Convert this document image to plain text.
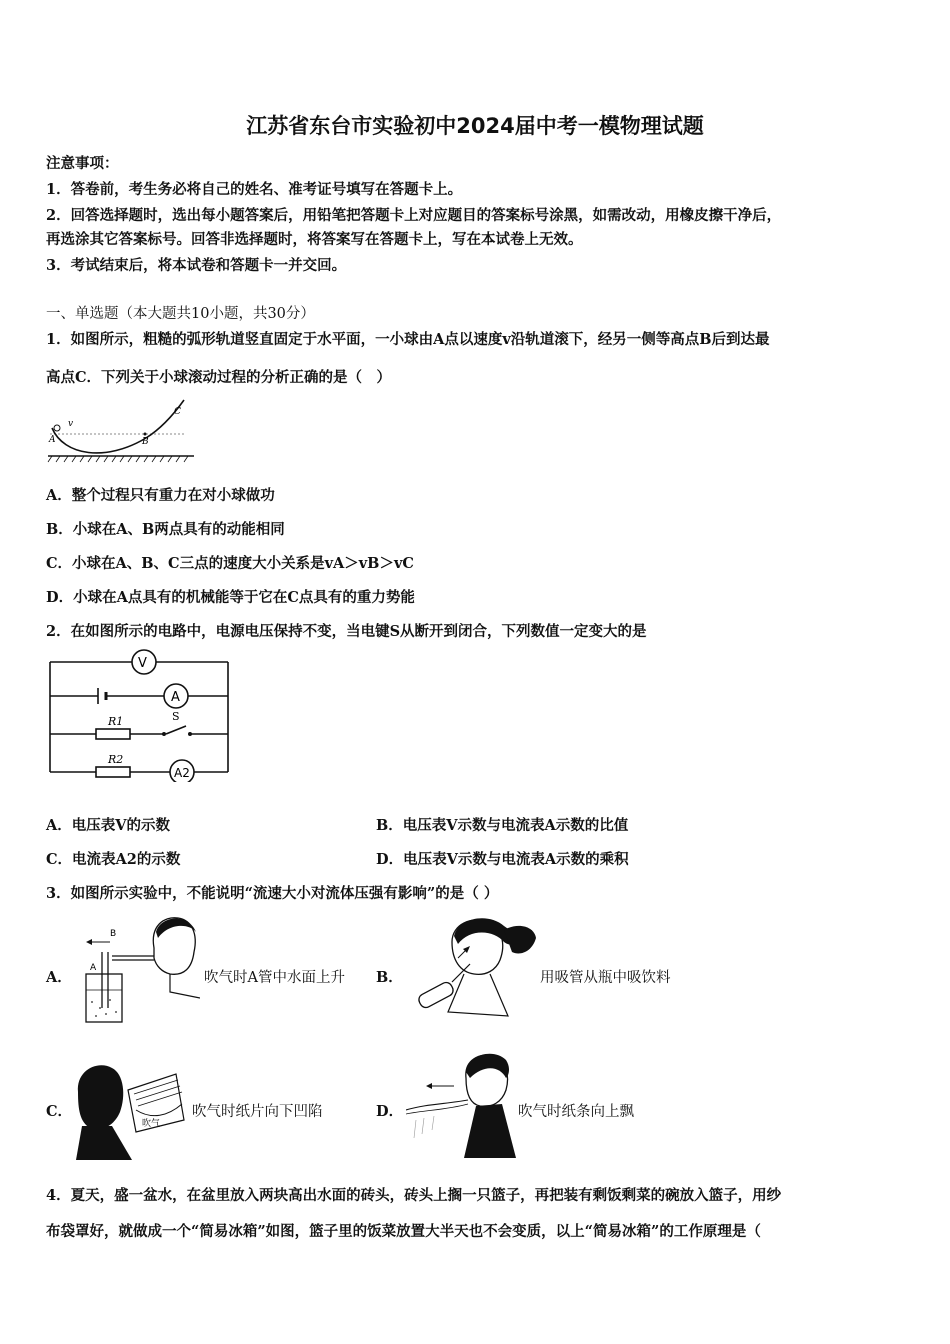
江苏省东台市实验初中2024届中考一模物理试题
注意事项：
1．答卷前，考生务必将自己的姓名、准考证号填写在答题卡上。
2．回答选择题时，选出每小题答案后，用铅笔把答题卡上对应题目的答案标号涂黑，如需改动，用橡皮擦干净后，
再选涂其它答案标号。回答非选择题时，将答案写在答题卡上，写在本试卷上无效。
3．考试结束后，将本试卷和答题卡一并交回。
一、单选题（本大题共10小题，共30分）
1．如图所示，粗糙的弧形轨道竖直固定于水平面，一小球由A点以速度v沿轨道滚下，经另一侧等高点B后到达最
高点C．下列关于小球滚动过程的分析正确的是（　）
A
v
B
C
A．整个过程只有重力在对小球做功
B．小球在A、B两点具有的动能相同
C．小球在A、B、C三点的速度大小关系是vA＞vB＞vC
D．小球在A点具有的机械能等于它在C点具有的重力势能
2．在如图所示的电路中，电源电压保持不变，当电键S从断开到闭合，下列数值一定变大的是
V
A
A2
R1
R2
S
A．电压表V的示数	B．电压表V示数与电流表A示数的比值
C．电流表A2的示数	D．电压表V示数与电流表A示数的乘积
3．如图所示实验中，不能说明“流速大小对流体压强有影响”的是（ ）
A．
B
A
吹气时A管中水面上升 B．	用吸管从瓶中吸饮料
C．
吹气
吹气时纸片向下凹陷	D．	吹气时纸条向上飘
4．夏天，盛一盆水，在盆里放入两块高出水面的砖头，砖头上搁一只篮子，再把装有剩饭剩菜的碗放入篮子，用纱
布袋罩好，就做成一个“简易冰箱”如图，篮子里的饭菜放置大半天也不会变质，以上“简易冰箱”的工作原理是（
